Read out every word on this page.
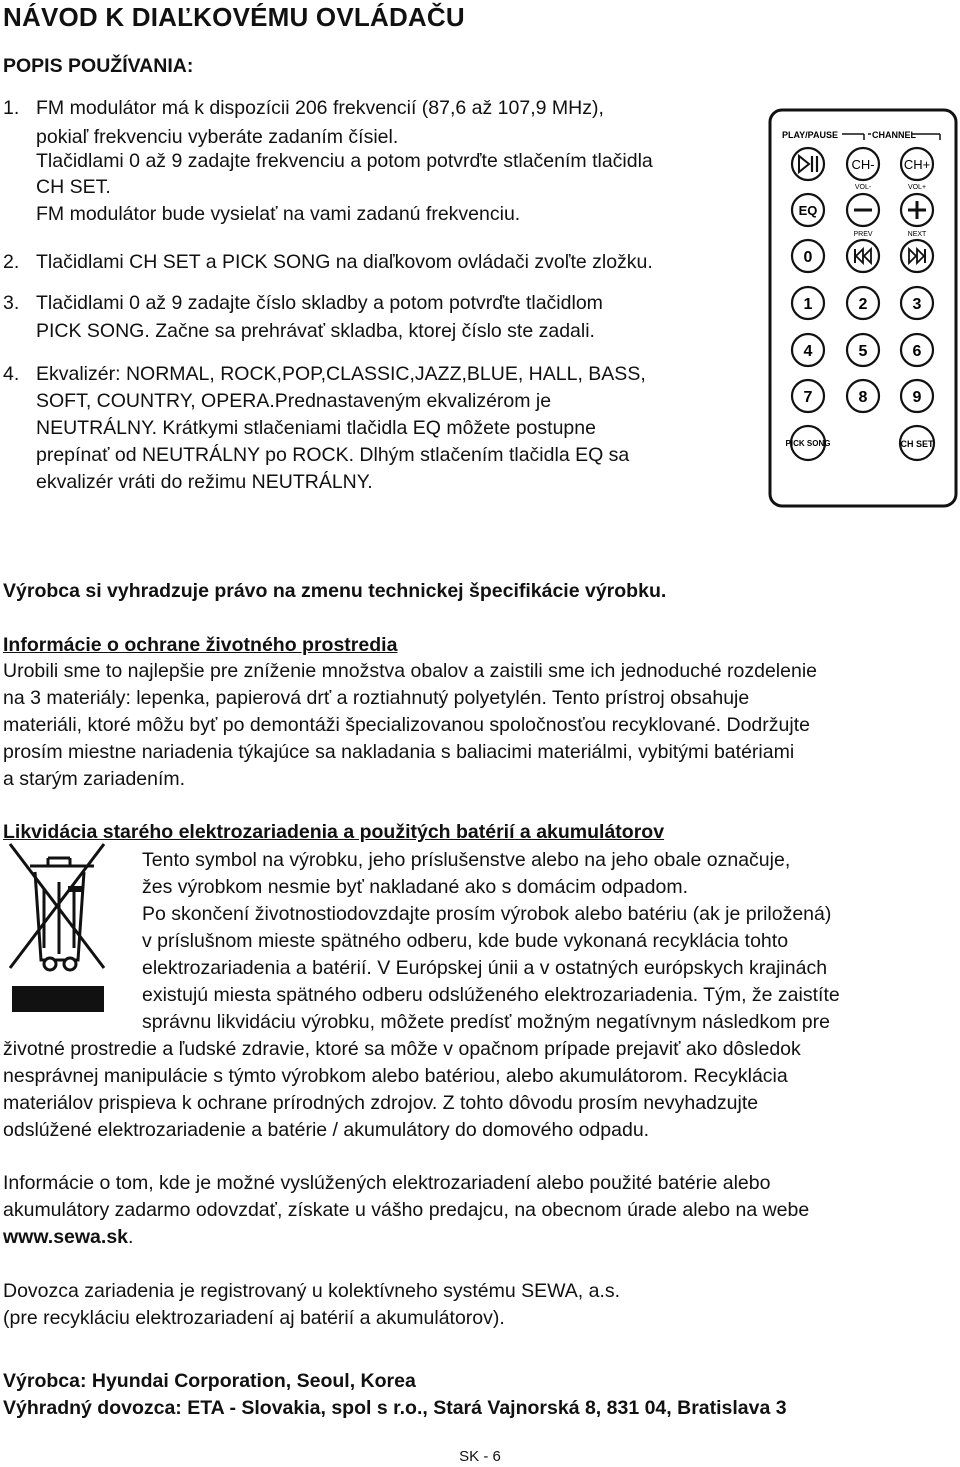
NÁVOD K DIAĽKOVÉMU OVLÁDAČU
POPIS POUŽÍVANIA:
1. FM modulátor má k dispozícii 206 frekvencií (87,6 až 107,9 MHz),
pokiaľ frekvenciu vyberáte zadaním čísiel.
Tlačidlami 0 až 9 zadajte frekvenciu a potom potvrďte stlačením tlačidla
CH SET.
FM modulátor bude vysielať na vami zadanú frekvenciu.
2. Tlačidlami CH SET a PICK SONG na diaľkovom ovládači zvoľte zložku.
3. Tlačidlami 0 až 9 zadajte číslo skladby a potom potvrďte tlačidlom
PICK SONG. Začne sa prehrávať skladba, ktorej číslo ste zadali.
4. Ekvalizér: NORMAL, ROCK,POP,CLASSIC,JAZZ,BLUE, HALL, BASS,
SOFT, COUNTRY, OPERA.Prednastaveným ekvalizérom je
NEUTRÁLNY. Krátkymi stlačeniami tlačidla EQ môžete postupne
prepínať od NEUTRÁLNY po ROCK. Dlhým stlačením tlačidla EQ sa
ekvalizér vráti do režimu NEUTRÁLNY.
PLAY/PAUSE	CHANNEL
CH- CH+
VOL-	VOL+
EQ
PREV	NEXT
0
1	2	3
4	5	6
7	8	9
PICK SONG	CH SET
Výrobca si vyhradzuje právo na zmenu technickej špecifikácie výrobku.
Informácie o ochrane životného prostredia
Urobili sme to najlepšie pre zníženie množstva obalov a zaistili sme ich jednoduché rozdelenie
na 3 materiály: lepenka, papierová drť a roztiahnutý polyetylén. Tento prístroj obsahuje
materiáli, ktoré môžu byť po demontáži špecializovanou spoločnosťou recyklované. Dodržujte
prosím miestne nariadenia týkajúce sa nakladania s baliacimi materiálmi, vybitými batériami
a starým zariadením.
Likvidácia starého elektrozariadenia a použitých batérií a akumulátorov
Tento symbol na výrobku, jeho príslušenstve alebo na jeho obale označuje,
žes výrobkom nesmie byť nakladané ako s domácim odpadom.
Po skončení životnostiodovzdajte prosím výrobok alebo batériu (ak je priložená)
v príslušnom mieste spätného odberu, kde bude vykonaná recyklácia tohto
elektrozariadenia a batérií. V Európskej únii a v ostatných európskych krajinách
existujú miesta spätného odberu odslúženého elektrozariadenia. Tým, že zaistíte
správnu likvidáciu výrobku, môžete predísť možným negatívnym následkom pre
životné prostredie a ľudské zdravie, ktoré sa môže v opačnom prípade prejaviť ako dôsledok
nesprávnej manipulácie s týmto výrobkom alebo batériou, alebo akumulátorom. Recyklácia
materiálov prispieva k ochrane prírodných zdrojov. Z tohto dôvodu prosím nevyhadzujte
odslúžené elektrozariadenie a batérie / akumulátory do domového odpadu.
Informácie o tom, kde je možné vyslúžených elektrozariadení alebo použité batérie alebo
akumulátory zadarmo odovzdať, získate u vášho predajcu, na obecnom úrade alebo na webe
www.sewa.sk.
Dovozca zariadenia je registrovaný u kolektívneho systému SEWA, a.s.
(pre recykláciu elektrozariadení aj batérií a akumulátorov).
Výrobca: Hyundai Corporation, Seoul, Korea
Výhradný dovozca: ETA - Slovakia, spol s r.o., Stará Vajnorská 8, 831 04, Bratislava 3
SK - 6
